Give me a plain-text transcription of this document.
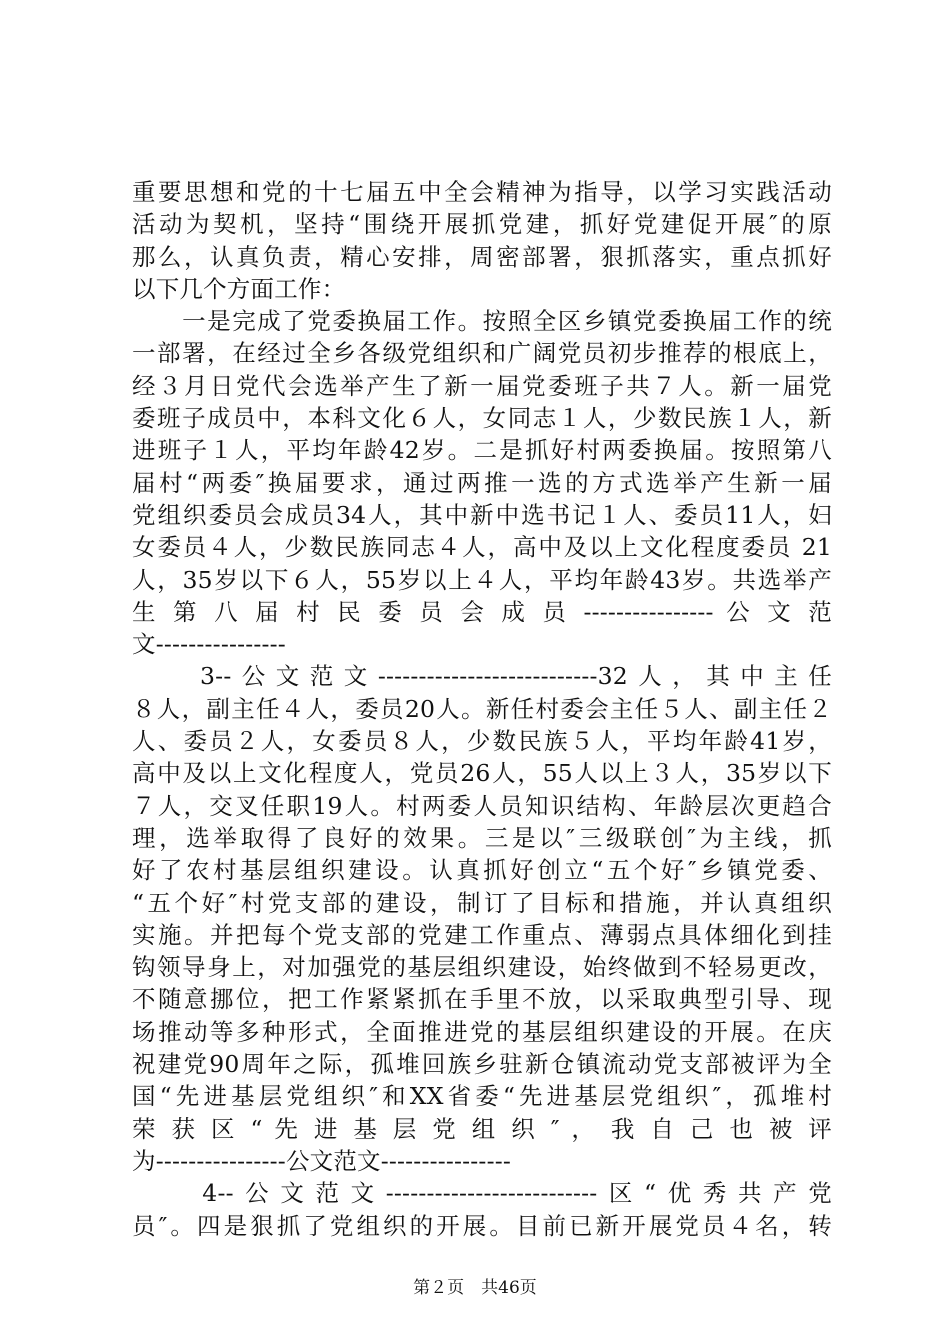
重要思想和党的十七届五中全会精神为指导，以学习实践活动
活动为契机，坚持“围绕开展抓党建，抓好党建促开展″的原
那么，认真负责，精心安排，周密部署，狠抓落实，重点抓好
以下几个方面工作：
　　一是完成了党委换届工作。按照全区乡镇党委换届工作的统
一部署，在经过全乡各级党组织和广阔党员初步推荐的根底上，
经３月日党代会选举产生了新一届党委班子共７人。新一届党
委班子成员中，本科文化６人，女同志１人，少数民族１人，新
进班子１人，平均年龄42岁。二是抓好村两委换届。按照第八
届村“两委″换届要求，通过两推一选的方式选举产生新一届
党组织委员会成员34人，其中新中选书记１人、委员11人，妇
女委员４人，少数民族同志４人，高中及以上文化程度委员 21
人，35岁以下６人，55岁以上４人，平均年龄43岁。共选举产
生 第 八 届 村 民 委 员 会 成 员 ---------------- 公 文 范
文----------------
　　3--公文范文---------------------------32人，其中主任
８人，副主任４人，委员20人。新任村委会主任５人、副主任２
人、委员２人，女委员８人，少数民族５人，平均年龄41岁，
高中及以上文化程度人，党员26人，55人以上３人，35岁以下
７人，交叉任职19人。村两委人员知识结构、年龄层次更趋合
理，选举取得了良好的效果。三是以″三级联创″为主线，抓
好了农村基层组织建设。认真抓好创立“五个好″乡镇党委、
“五个好″村党支部的建设，制订了目标和措施，并认真组织
实施。并把每个党支部的党建工作重点、薄弱点具体细化到挂
钩领导身上，对加强党的基层组织建设，始终做到不轻易更改，
不随意挪位，把工作紧紧抓在手里不放，以采取典型引导、现
场推动等多种形式，全面推进党的基层组织建设的开展。在庆
祝建党90周年之际，孤堆回族乡驻新仓镇流动党支部被评为全
国“先进基层党组织″和XX省委“先进基层党组织″，孤堆村
荣 获 区 “ 先 进 基 层 党 组 织 ″ ， 我 自 己 也 被 评
为----------------公文范文----------------
　　4--公文范文--------------------------区“优秀共产党
员″。四是狠抓了党组织的开展。目前已新开展党员４名，转
第２页　共46页
